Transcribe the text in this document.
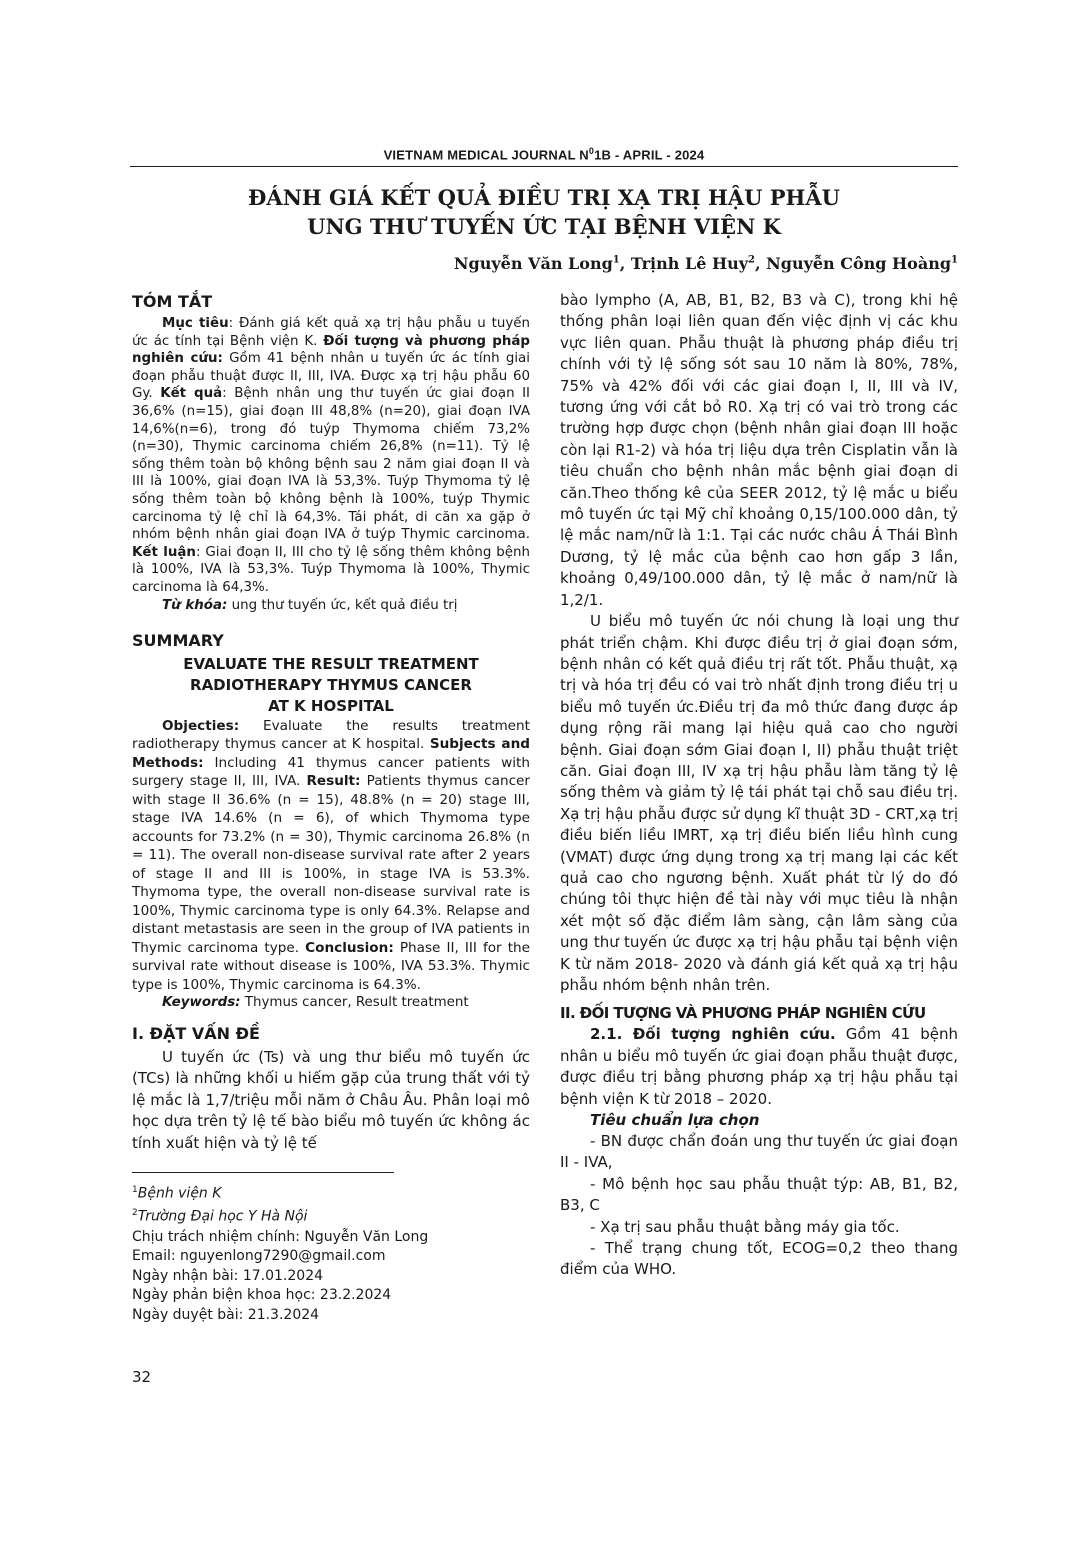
VIETNAM MEDICAL JOURNAL $N^01B$ - APRIL - 2024
ĐÁNH GIÁ KẾT QUẢ ĐIỀU TRỊ XẠ TRỊ HẬU PHẪU
UNG THƯ TUYẾN ỨC TẠI BỆNH VIỆN K
Nguyễn Văn Long$^1$, Trịnh Lê Huy$^2$, Nguyễn Công Hoàng$^1$
TÓM TẮT

Mục tiêu: Đánh giá kết quả xạ trị hậu phẫu u tuyến ức ác tính tại Bệnh viện K. Đối tượng và phương pháp nghiên cứu: Gồm 41 bệnh nhân u tuyến ức ác tính giai đoạn phẫu thuật được II, III, IVA. Được xạ trị hậu phẫu 60 Gy. Kết quả: Bệnh nhân ung thư tuyến ức giai đoạn II 36,6% (n=15), giai đoạn III 48,8% (n=20), giai đoạn IVA 14,6%(n=6), trong đó tuýp Thymoma chiếm 73,2% (n=30), Thymic carcinoma chiếm 26,8% (n=11). Tỷ lệ sống thêm toàn bộ không bệnh sau 2 năm giai đoạn II và III là 100%, giai đoạn IVA là 53,3%. Tuýp Thymoma tỷ lệ sống thêm toàn bộ không bệnh là 100%, tuýp Thymic carcinoma tỷ lệ chỉ là 64,3%. Tái phát, di căn xa gặp ở nhóm bệnh nhân giai đoạn IVA ở tuýp Thymic carcinoma. Kết luận: Giai đoạn II, III cho tỷ lệ sống thêm không bệnh là 100%, IVA là 53,3%. Tuýp Thymoma là 100%, Thymic carcinoma là 64,3%.

Từ khóa: ung thư tuyến ức, kết quả điều trị

SUMMARY
EVALUATE THE RESULT TREATMENT
RADIOTHERAPY THYMUS CANCER
AT K HOSPITAL

Objecties: Evaluate the results treatment radiotherapy thymus cancer at K hospital. Subjects and Methods: Including 41 thymus cancer patients with surgery stage II, III, IVA. Result: Patients thymus cancer with stage II 36.6% (n = 15), 48.8% (n = 20) stage III, stage IVA 14.6% (n = 6), of which Thymoma type accounts for 73.2% (n = 30), Thymic carcinoma 26.8% (n = 11). The overall non-disease survival rate after 2 years of stage II and III is 100%, in stage IVA is 53.3%. Thymoma type, the overall non-disease survival rate is 100%, Thymic carcinoma type is only 64.3%. Relapse and distant metastasis are seen in the group of IVA patients in Thymic carcinoma type. Conclusion: Phase II, III for the survival rate without disease is 100%, IVA 53.3%. Thymic type is 100%, Thymic carcinoma is 64.3%.

Keywords: Thymus cancer, Result treatment

I. ĐẶT VẤN ĐỀ

U tuyến ức (Ts) và ung thư biểu mô tuyến ức (TCs) là những khối u hiếm gặp của trung thất với tỷ lệ mắc là 1,7/triệu mỗi năm ở Châu Âu. Phân loại mô học dựa trên tỷ lệ tế bào biểu mô tuyến ức không ác tính xuất hiện và tỷ lệ tế

$^1$Bệnh viện K
$^2$Trường Đại học Y Hà Nội
Chịu trách nhiệm chính: Nguyễn Văn Long
Email: nguyenlong7290@gmail.com
Ngày nhận bài: 17.01.2024
Ngày phản biện khoa học: 23.2.2024
Ngày duyệt bài: 21.3.2024

bào lympho (A, AB, B1, B2, B3 và C), trong khi hệ thống phân loại liên quan đến việc định vị các khu vực liên quan. Phẫu thuật là phương pháp điều trị chính với tỷ lệ sống sót sau 10 năm là 80%, 78%, 75% và 42% đối với các giai đoạn I, II, III và IV, tương ứng với cắt bỏ R0. Xạ trị có vai trò trong các trường hợp được chọn (bệnh nhân giai đoạn III hoặc còn lại R1-2) và hóa trị liệu dựa trên Cisplatin vẫn là tiêu chuẩn cho bệnh nhân mắc bệnh giai đoạn di căn.Theo thống kê của SEER 2012, tỷ lệ mắc u biểu mô tuyến ức tại Mỹ chỉ khoảng 0,15/100.000 dân, tỷ lệ mắc nam/nữ là 1:1. Tại các nước châu Á Thái Bình Dương, tỷ lệ mắc của bệnh cao hơn gấp 3 lần, khoảng 0,49/100.000 dân, tỷ lệ mắc ở nam/nữ là 1,2/1.

U biểu mô tuyến ức nói chung là loại ung thư phát triển chậm. Khi được điều trị ở giai đoạn sớm, bệnh nhân có kết quả điều trị rất tốt. Phẫu thuật, xạ trị và hóa trị đều có vai trò nhất định trong điều trị u biểu mô tuyến ức.Điều trị đa mô thức đang được áp dụng rộng rãi mang lại hiệu quả cao cho người bệnh. Giai đoạn sớm Giai đoạn I, II) phẫu thuật triệt căn. Giai đoạn III, IV xạ trị hậu phẫu làm tăng tỷ lệ sống thêm và giảm tỷ lệ tái phát tại chỗ sau điều trị. Xạ trị hậu phẫu được sử dụng kĩ thuật 3D - CRT,xạ trị điều biến liều IMRT, xạ trị điều biến liều hình cung (VMAT) được ứng dụng trong xạ trị mang lại các kết quả cao cho ngương bệnh. Xuất phát từ lý do đó chúng tôi thực hiện đề tài này với mục tiêu là nhận xét một số đặc điểm lâm sàng, cận lâm sàng của ung thư tuyến ức được xạ trị hậu phẫu tại bệnh viện K từ năm 2018- 2020 và đánh giá kết quả xạ trị hậu phẫu nhóm bệnh nhân trên.

II. ĐỐI TƯỢNG VÀ PHƯƠNG PHÁP NGHIÊN CỨU

2.1. Đối tượng nghiên cứu. Gồm 41 bệnh nhân u biểu mô tuyến ức giai đoạn phẫu thuật được, được điều trị bằng phương pháp xạ trị hậu phẫu tại bệnh viện K từ 2018 – 2020.

Tiêu chuẩn lựa chọn

- BN được chẩn đoán ung thư tuyến ức giai đoạn II - IVA,

- Mô bệnh học sau phẫu thuật týp: AB, B1, B2, B3, C

- Xạ trị sau phẫu thuật bằng máy gia tốc.

- Thể trạng chung tốt, ECOG=0,2 theo thang điểm của WHO.

32
